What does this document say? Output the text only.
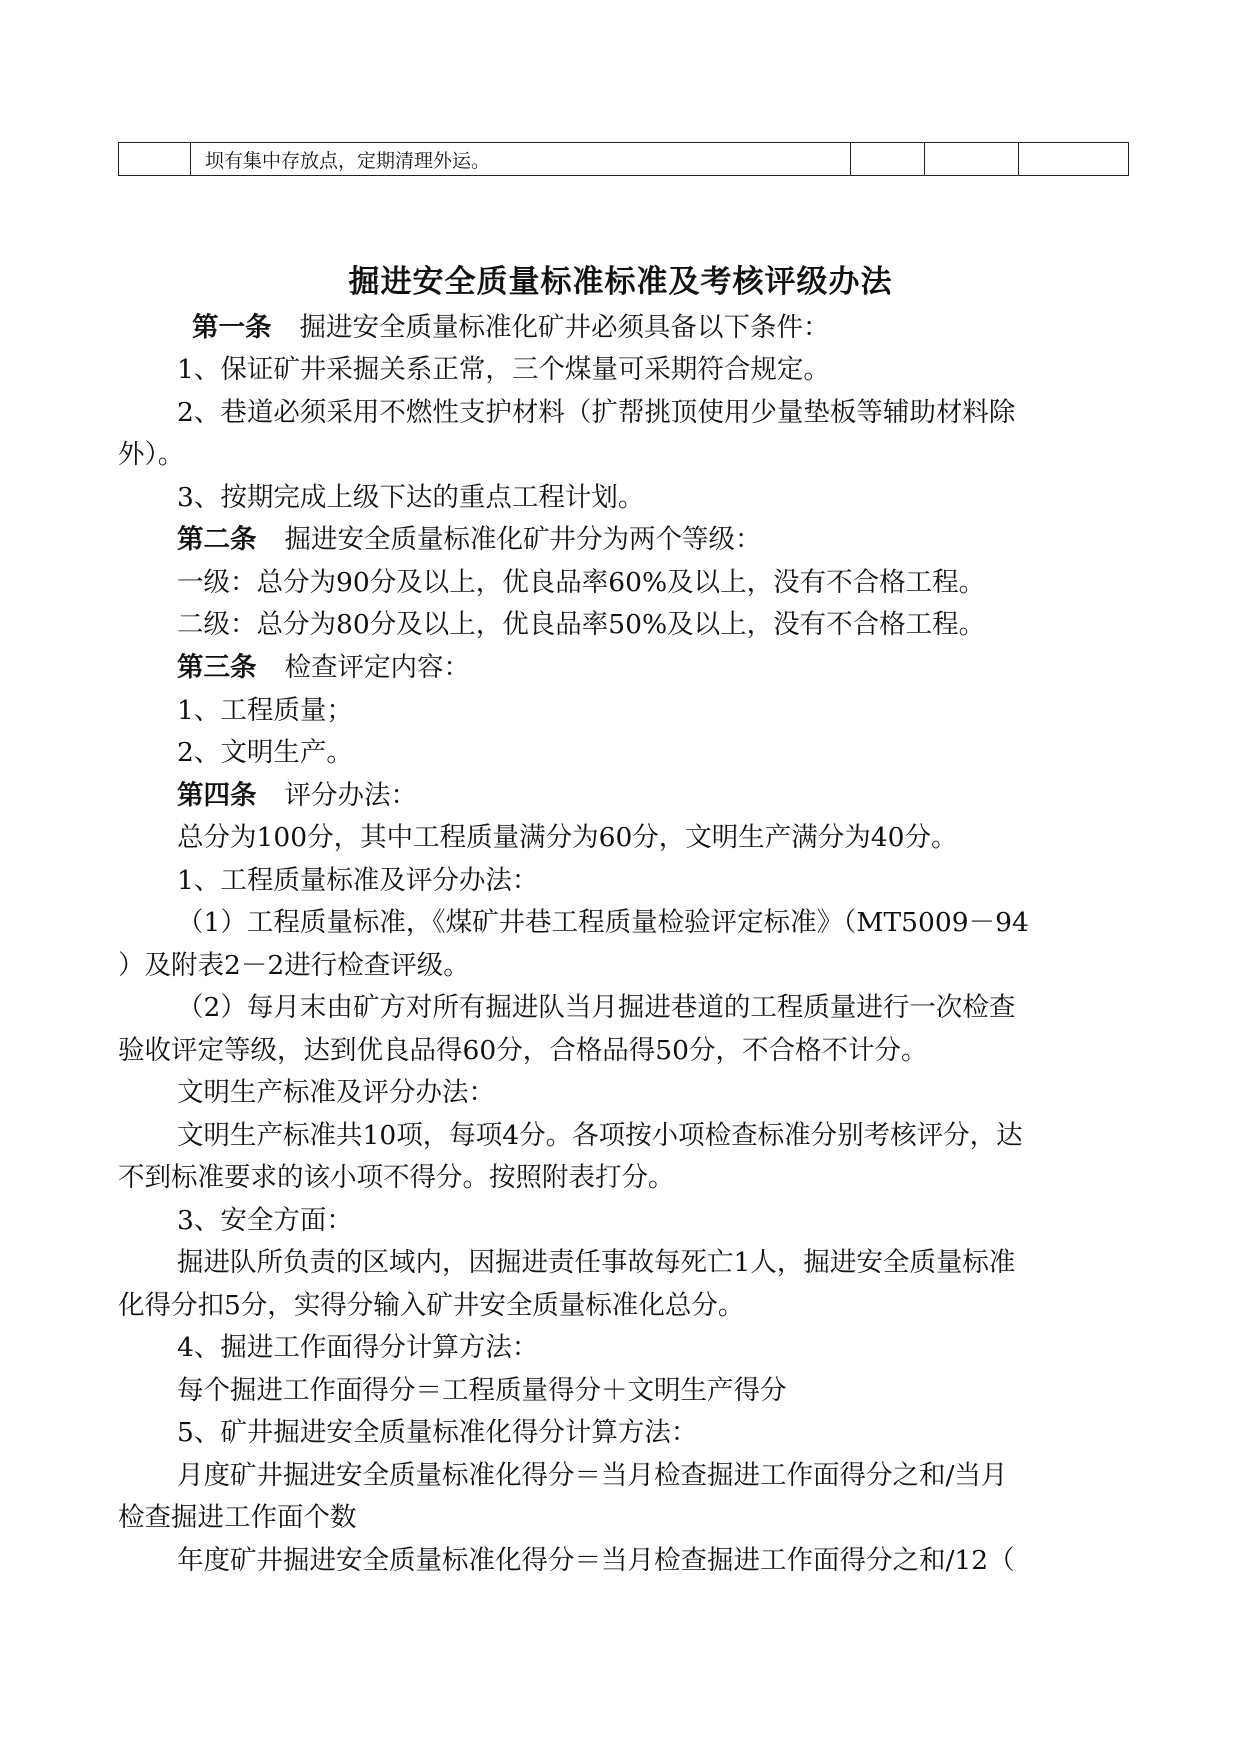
	坝有集中存放点，定期清理外运。			
掘进安全质量标准标准及考核评级办法
第一条 掘进安全质量标准化矿井必须具备以下条件：
1、保证矿井采掘关系正常，三个煤量可采期符合规定。
2、巷道必须采用不燃性支护材料（扩帮挑顶使用少量垫板等辅助材料除
外）。
3、按期完成上级下达的重点工程计划。
第二条 掘进安全质量标准化矿井分为两个等级：
一级：总分为90分及以上，优良品率60%及以上，没有不合格工程。
二级：总分为80分及以上，优良品率50%及以上，没有不合格工程。
第三条 检查评定内容：
1、工程质量；
2、文明生产。
第四条 评分办法：
总分为100分，其中工程质量满分为60分，文明生产满分为40分。
1、工程质量标准及评分办法：
（1）工程质量标准，《煤矿井巷工程质量检验评定标准》（MT5009－94
）及附表2－2进行检查评级。
（2）每月末由矿方对所有掘进队当月掘进巷道的工程质量进行一次检查
验收评定等级，达到优良品得60分，合格品得50分，不合格不计分。
文明生产标准及评分办法：
文明生产标准共10项，每项4分。各项按小项检查标准分别考核评分，达
不到标准要求的该小项不得分。按照附表打分。
3、安全方面：
掘进队所负责的区域内，因掘进责任事故每死亡1人，掘进安全质量标准
化得分扣5分，实得分输入矿井安全质量标准化总分。
4、掘进工作面得分计算方法：
每个掘进工作面得分＝工程质量得分＋文明生产得分
5、矿井掘进安全质量标准化得分计算方法：
月度矿井掘进安全质量标准化得分＝当月检查掘进工作面得分之和/当月
检查掘进工作面个数
年度矿井掘进安全质量标准化得分＝当月检查掘进工作面得分之和/12（
